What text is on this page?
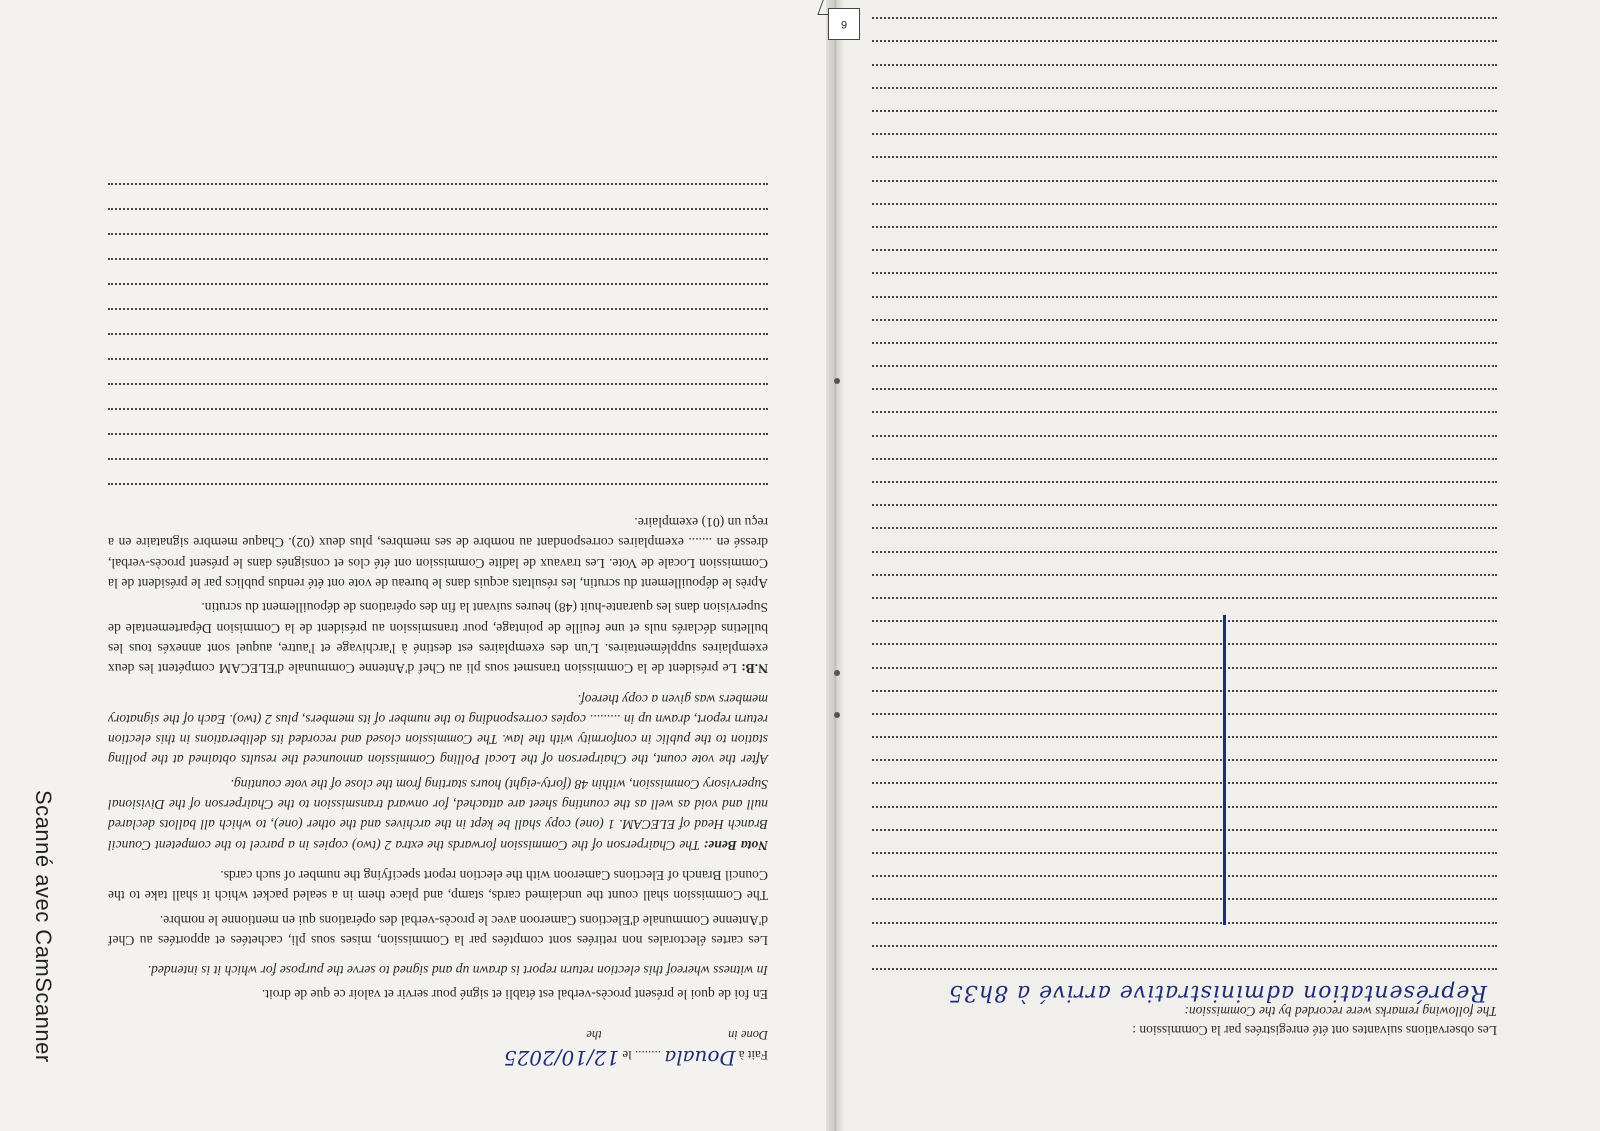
Fait à Douala ........ le 12/10/2025
Done in  the

En foi de quoi le présent procès-verbal est établi et signé pour servir et valoir ce que de droit.

In witness whereof this election return report is drawn up and signed to serve the purpose for which it is intended.

Les cartes électorales non retirées sont comptées par la Commission, mises sous pli, cachetées et apportées au Chef d'Antenne Communale d'Elections Cameroon avec le procès-verbal des opérations qui en mentionne le nombre.

The Commission shall count the unclaimed cards, stamp, and place them in a sealed packet which it shall take to the Council Branch of Elections Cameroon with the election report specifying the number of such cards.

Nota Bene: The Chairperson of the Commission forwards the extra 2 (two) copies in a parcel to the competent Council Branch Head of ELECAM. 1 (one) copy shall be kept in the archives and the other (one), to which all ballots declared null and void as well as the counting sheet are attached, for onward transmission to the Chairperson of the Divisional Supervisory Commission, within 48 (forty-eight) hours starting from the close of the vote counting.

After the vote count, the Chairperson of the Local Polling Commission announced the results obtained at the polling station to the public in conformity with the law. The Commission closed and recorded its deliberations in this election return report, drawn up in ......... copies corresponding to the number of its members, plus 2 (two). Each of the signatory members was given a copy thereof.

N.B: Le président de la Commission transmet sous pli au Chef d'Antenne Communale d'ELECAM compétent les deux exemplaires supplémentaires. L'un des exemplaires est destiné à l'archivage et l'autre, auquel sont annexés tous les bulletins déclarés nuls et une feuille de pointage, pour transmission au président de la Commision Départementale de Supervision dans les quarante-huit (48) heures suivant la fin des opérations de dépouillement du scrutin.

Après le dépouillement du scrutin, les résultats acquis dans le bureau de vote ont été rendus publics par le président de la Commission Locale de Vote. Les travaux de ladite Commission ont été clos et consignés dans le présent procès-verbal, dressé en ....... exemplaires correspondant au nombre de ses membres, plus deux (02). Chaque membre signataire en a reçu un (01) exemplaire.

6

Les observations suivantes ont été enregistrées par la Commission :

The following remarks were recorded by the Commission:

Représentation administrative arrivé à 8h35
Scanné avec CamScanner
